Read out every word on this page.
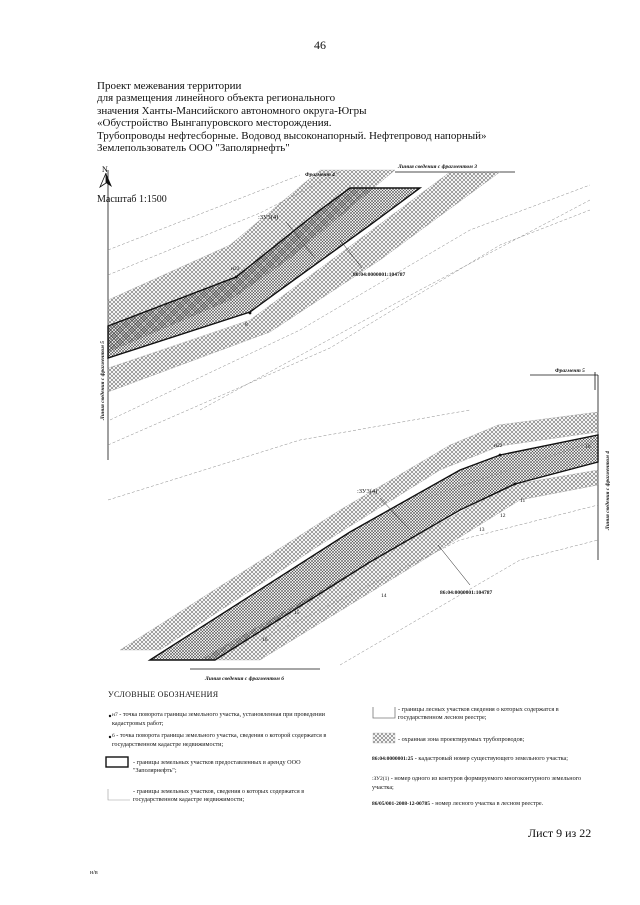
46
Проект межевания территории
для размещения линейного объекта регионального
значения Ханты-Мансийского автономного округа-Югры
«Обустройство Вынгапуровского месторождения.
Трубопроводы нефтесборные. Водовод высоконапорный. Нефтепровод напорный»
Землепользователь ООО "Заполярнефть"
N
Масштаб 1:1500
Линия сведения с фрагментом 3
Фрагмент 4
Фрагмент 5
Линия сведения с фрагментом 6
Линия сведения с фрагментом 5
Линия сведения с фрагментом 4
:ЗУ3(4)
:ЗУ3(4)
86:04:0000001:104787
86:04:0000001:104787
н23
8
н22	10
11
12
13
14
15
16
УСЛОВНЫЕ ОБОЗНАЧЕНИЯ
н7 - точка поворота границы земельного участка, установленная при проведении кадастровых работ;
6 - точка поворота границы земельного участка, сведения о которой содержатся в государственном кадастре недвижимости;
- границы земельных участков предоставленных в аренду ООО "Заполярнефть";
- границы земельных участков, сведения о которых содержатся в государственном кадастре недвижимости;
- границы лесных участков сведения о которых содержатся в государственном лесном реестре;
- охранная зона проектируемых трубопроводов;
86:04:0000001:25 - кадастровый номер существующего земельного участка;
:ЗУ2(1) - номер одного из контуров формируемого многоконтурного земельного участка;
86/05/001-2008-12-00785 - номер лесного участка в лесном реестре.
Лист 9 из 22
н/в
